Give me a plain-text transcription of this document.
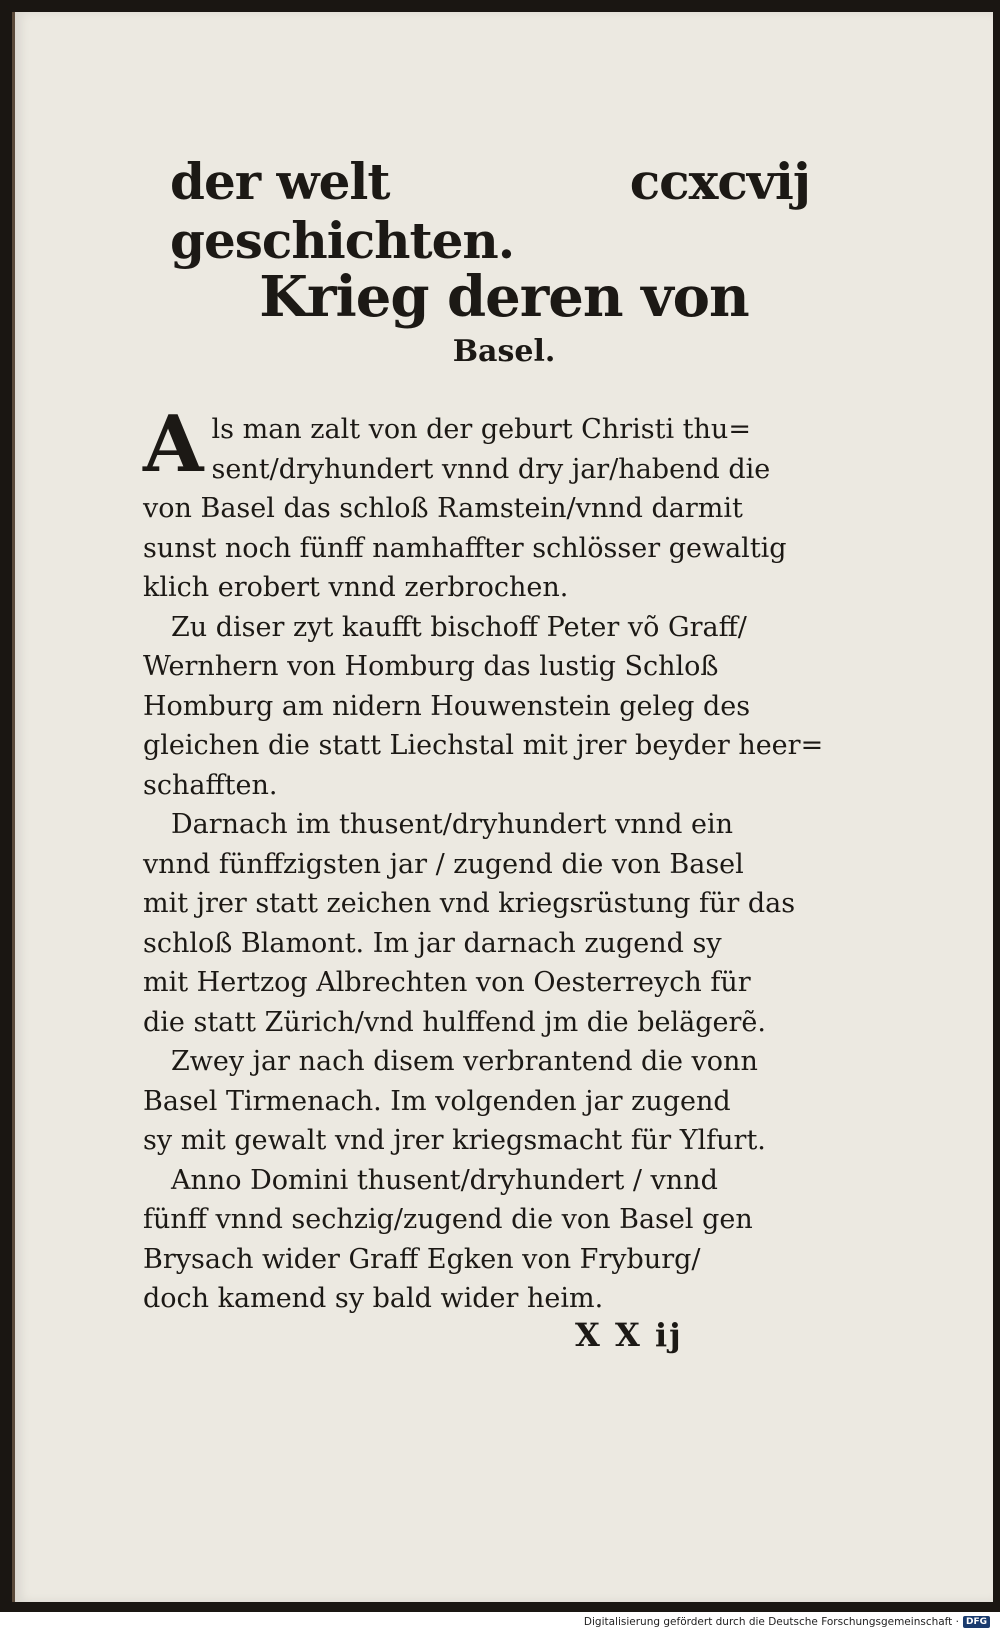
der welt geschichten.
ccxcvij
Krieg deren von
Basel.
A ls man zalt von der geburt Christi thu=
sent/dryhundert vnnd dry jar/habend die
von Basel das schloß Ramstein/vnnd darmit
sunst noch fünff namhaffter schlösser gewaltig
klich erobert vnnd zerbrochen.
Zu diser zyt kaufft bischoff Peter võ Graff/
Wernhern von Homburg das lustig Schloß
Homburg am nidern Houwenstein geleg des
gleichen die statt Liechstal mit jrer beyder heer=
schafften.
Darnach im thusent/dryhundert vnnd ein
vnnd fünffzigsten jar / zugend die von Basel
mit jrer statt zeichen vnd kriegsrüstung für das
schloß Blamont. Im jar darnach zugend sy
mit Hertzog Albrechten von Oesterreych für
die statt Zürich/vnd hulffend jm die belägerẽ.
Zwey jar nach disem verbrantend die vonn
Basel Tirmenach. Im volgenden jar zugend
sy mit gewalt vnd jrer kriegsmacht für Ylfurt.
Anno Domini thusent/dryhundert / vnnd
fünff vnnd sechzig/zugend die von Basel gen
Brysach wider Graff Egken von Fryburg/
doch kamend sy bald wider heim.
X X ij
Digitalisierung gefördert durch die Deutsche Forschungsgemeinschaft · DFG
